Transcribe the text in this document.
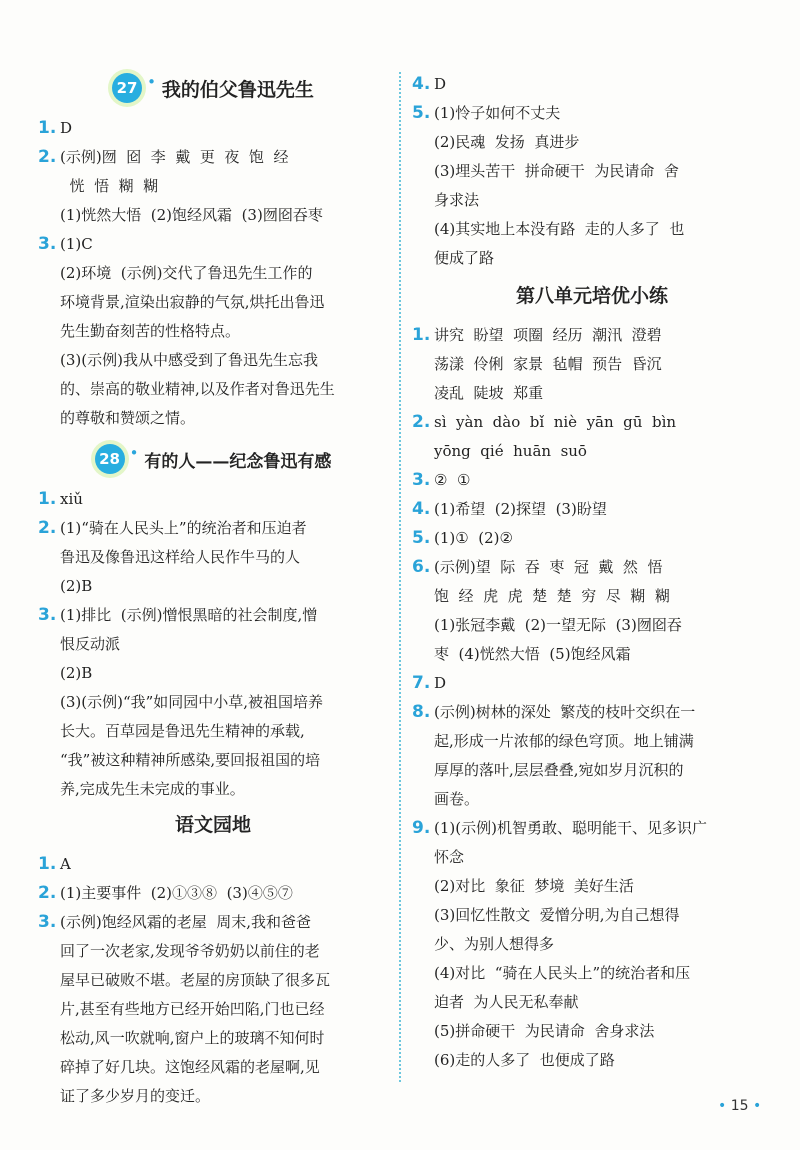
27 • 我的伯父鲁迅先生
1. D
2. (示例)囫  囵  李  戴  更  夜  饱  经
恍  悟  糊  糊
(1)恍然大悟  (2)饱经风霜  (3)囫囵吞枣
3. (1)C
(2)环境  (示例)交代了鲁迅先生工作的
环境背景,渲染出寂静的气氛,烘托出鲁迅
先生勤奋刻苦的性格特点。
(3)(示例)我从中感受到了鲁迅先生忘我
的、崇高的敬业精神,以及作者对鲁迅先生
的尊敬和赞颂之情。
28 • 有的人——纪念鲁迅有感
1. xiǔ
2. (1)“骑在人民头上”的统治者和压迫者
鲁迅及像鲁迅这样给人民作牛马的人
(2)B
3. (1)排比  (示例)憎恨黑暗的社会制度,憎
恨反动派
(2)B
(3)(示例)“我”如同园中小草,被祖国培养
长大。百草园是鲁迅先生精神的承载,
“我”被这种精神所感染,要回报祖国的培
养,完成先生未完成的事业。
语文园地
1. A
2. (1)主要事件  (2)①③⑧  (3)④⑤⑦
3. (示例)饱经风霜的老屋  周末,我和爸爸
回了一次老家,发现爷爷奶奶以前住的老
屋早已破败不堪。老屋的房顶缺了很多瓦
片,甚至有些地方已经开始凹陷,门也已经
松动,风一吹就响,窗户上的玻璃不知何时
碎掉了好几块。这饱经风霜的老屋啊,见
证了多少岁月的变迁。
4. D
5. (1)怜子如何不丈夫
(2)民魂  发扬  真进步
(3)埋头苦干  拼命硬干  为民请命  舍
身求法
(4)其实地上本没有路  走的人多了  也
便成了路
第八单元培优小练
1. 讲究  盼望  项圈  经历  潮汛  澄碧
荡漾  伶俐  家景  毡帽  预告  昏沉
凌乱  陡坡  郑重
2. sì  yàn  dào  bǐ  niè  yān  gū  bìn
yōng  qié  huān  suō
3. ②  ①
4. (1)希望  (2)探望  (3)盼望
5. (1)①  (2)②
6. (示例)望  际  吞  枣  冠  戴  然  悟
饱  经  虎  虎  楚  楚  穷  尽  糊  糊
(1)张冠李戴  (2)一望无际  (3)囫囵吞
枣  (4)恍然大悟  (5)饱经风霜
7. D
8. (示例)树林的深处  繁茂的枝叶交织在一
起,形成一片浓郁的绿色穹顶。地上铺满
厚厚的落叶,层层叠叠,宛如岁月沉积的
画卷。
9. (1)(示例)机智勇敢、聪明能干、见多识广
怀念
(2)对比  象征  梦境  美好生活
(3)回忆性散文  爱憎分明,为自己想得
少、为别人想得多
(4)对比  “骑在人民头上”的统治者和压
迫者  为人民无私奉献
(5)拼命硬干  为民请命  舍身求法
(6)走的人多了  也便成了路
• 15 •
